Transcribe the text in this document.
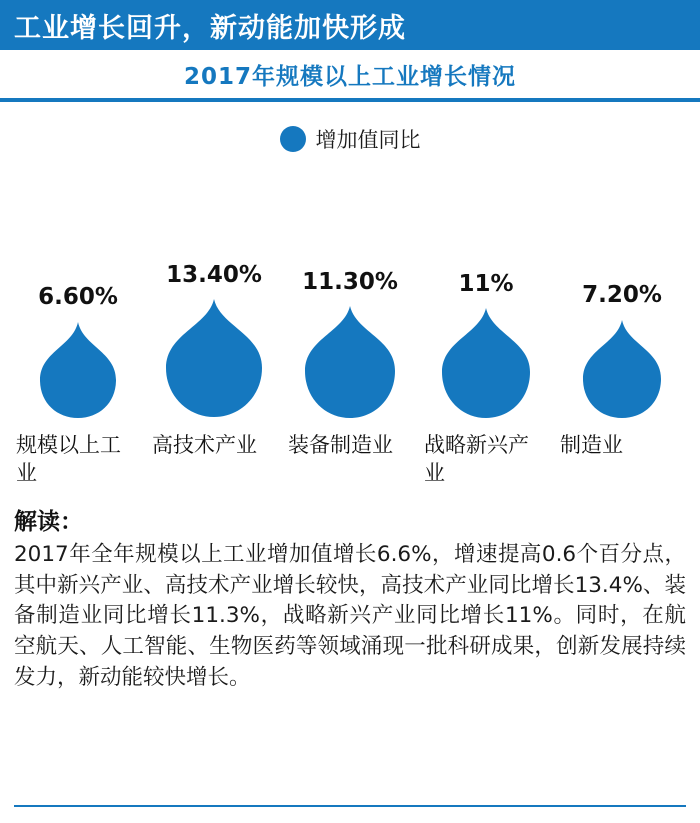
工业增长回升，新动能加快形成
2017年规模以上工业增长情况
增加值同比
6.60%
13.40% 11.30%	11%	7.20%
规模以上工业
高技术产业	装备制造业	战略新兴产业
制造业
解读：
2017年全年规模以上工业增加值增长6.6%，增速提高0.6个百分点，其中新兴产业、高技术产业增长较快，高技术产业同比增长13.4%、装备制造业同比增长11.3%，战略新兴产业同比增长11%。同时，在航空航天、人工智能、生物医药等领域涌现一批科研成果，创新发展持续发力，新动能较快增长。
